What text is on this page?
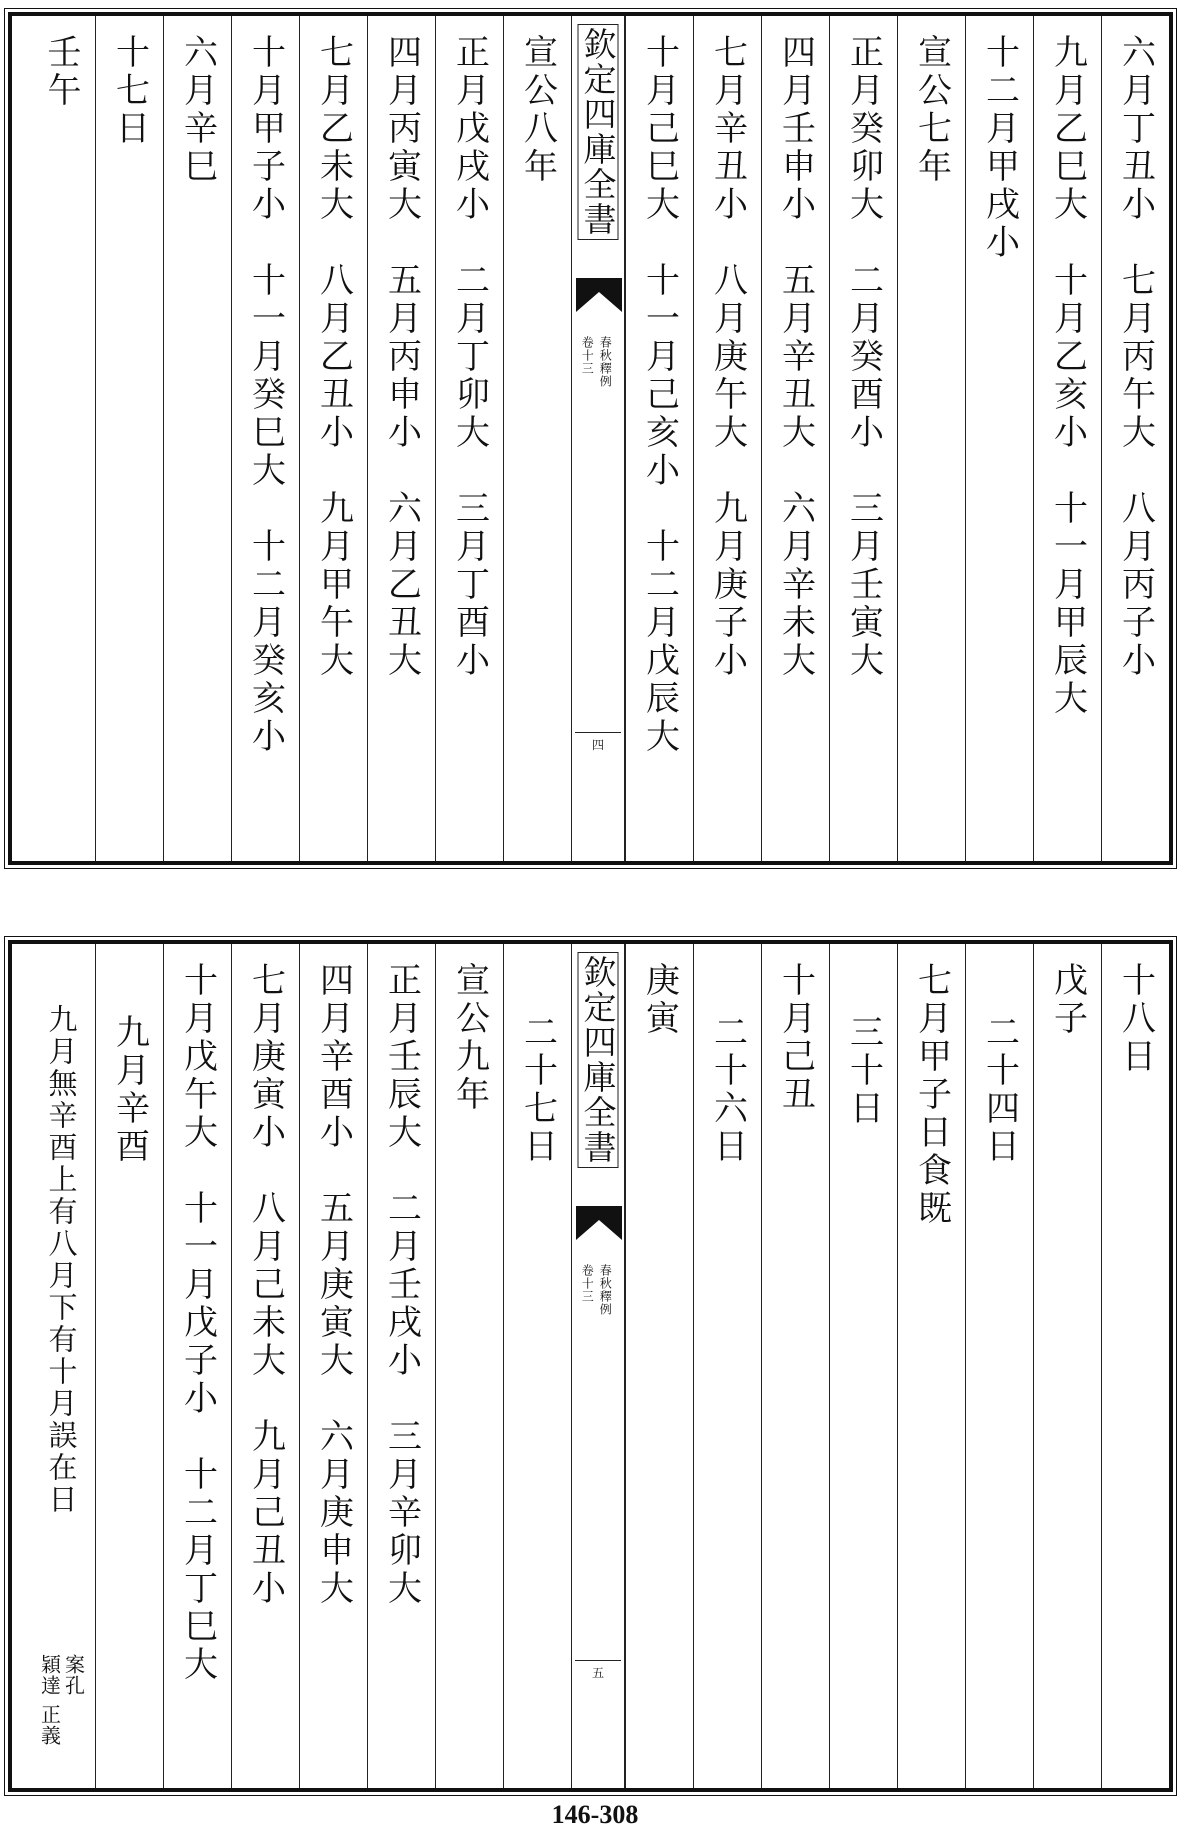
六月丁丑小　七月丙午大　八月丙子小
九月乙巳大　十月乙亥小　十一月甲辰大
十二月甲戌小
宣公七年
正月癸卯大　二月癸酉小　三月壬寅大
四月壬申小　五月辛丑大　六月辛未大
七月辛丑小　八月庚午大　九月庚子小
十月己巳大　十一月己亥小　十二月戊辰大
欽定四庫全書
春秋釋例
卷十三
四
宣公八年
正月戊戌小　二月丁卯大　三月丁酉小
四月丙寅大　五月丙申小　六月乙丑大
七月乙未大　八月乙丑小　九月甲午大
十月甲子小　十一月癸巳大　十二月癸亥小
六月辛巳
十七日
壬午
十八日
戊子
二十四日
七月甲子日食既
三十日
十月己丑
二十六日
庚寅
欽定四庫全書
春秋釋例
卷十三
五
二十七日
宣公九年
正月壬辰大　二月壬戌小　三月辛卯大
四月辛酉小　五月庚寅大　六月庚申大
七月庚寅小　八月己未大　九月己丑小
十月戊午大　十一月戊子小　十二月丁巳大
九月辛酉
九月無辛酉上有八月下有十月誤在日
案孔
穎達
正義
146-308
